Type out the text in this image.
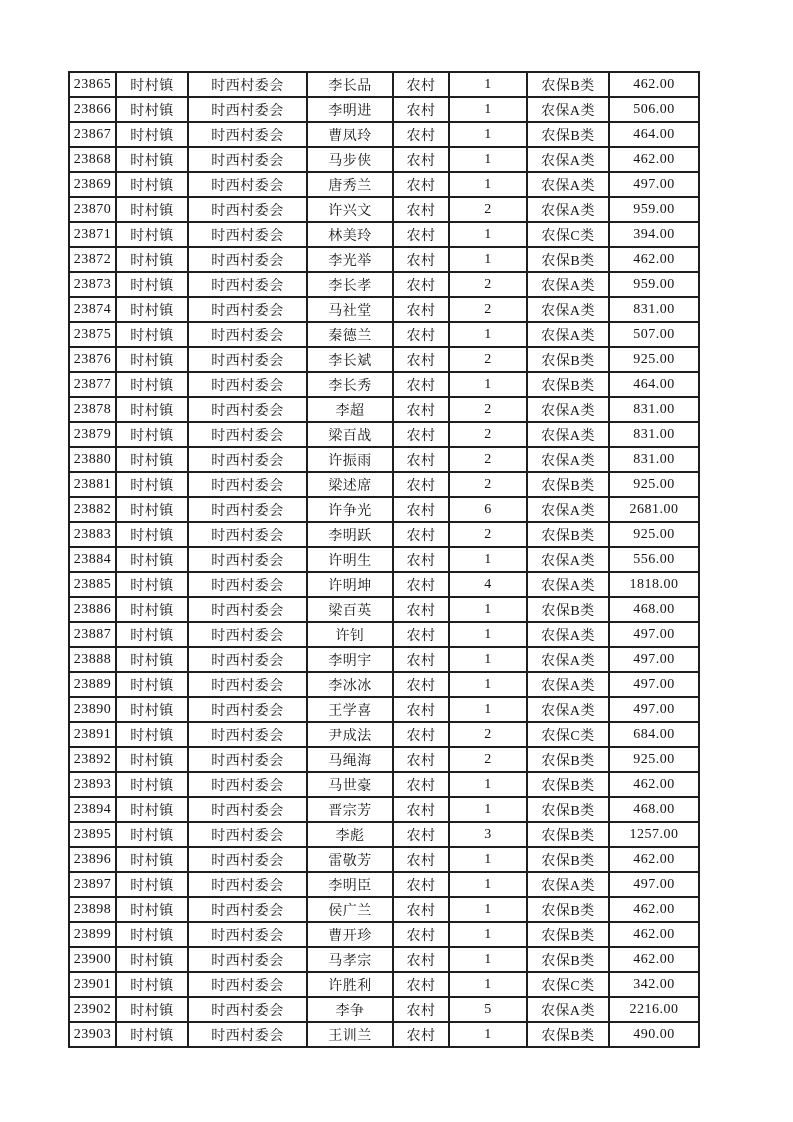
23865	时村镇	时西村委会	李长品	农村	1	农保B类	462.00
23866	时村镇	时西村委会	李明进	农村	1	农保A类	506.00
23867	时村镇	时西村委会	曹凤玲	农村	1	农保B类	464.00
23868	时村镇	时西村委会	马步侠	农村	1	农保A类	462.00
23869	时村镇	时西村委会	唐秀兰	农村	1	农保A类	497.00
23870	时村镇	时西村委会	许兴文	农村	2	农保A类	959.00
23871	时村镇	时西村委会	林美玲	农村	1	农保C类	394.00
23872	时村镇	时西村委会	李光举	农村	1	农保B类	462.00
23873	时村镇	时西村委会	李长孝	农村	2	农保A类	959.00
23874	时村镇	时西村委会	马社堂	农村	2	农保A类	831.00
23875	时村镇	时西村委会	秦德兰	农村	1	农保A类	507.00
23876	时村镇	时西村委会	李长斌	农村	2	农保B类	925.00
23877	时村镇	时西村委会	李长秀	农村	1	农保B类	464.00
23878	时村镇	时西村委会	李超	农村	2	农保A类	831.00
23879	时村镇	时西村委会	梁百战	农村	2	农保A类	831.00
23880	时村镇	时西村委会	许振雨	农村	2	农保A类	831.00
23881	时村镇	时西村委会	梁述席	农村	2	农保B类	925.00
23882	时村镇	时西村委会	许争光	农村	6	农保A类	2681.00
23883	时村镇	时西村委会	李明跃	农村	2	农保B类	925.00
23884	时村镇	时西村委会	许明生	农村	1	农保A类	556.00
23885	时村镇	时西村委会	许明坤	农村	4	农保A类	1818.00
23886	时村镇	时西村委会	梁百英	农村	1	农保B类	468.00
23887	时村镇	时西村委会	许钊	农村	1	农保A类	497.00
23888	时村镇	时西村委会	李明宇	农村	1	农保A类	497.00
23889	时村镇	时西村委会	李冰冰	农村	1	农保A类	497.00
23890	时村镇	时西村委会	王学喜	农村	1	农保A类	497.00
23891	时村镇	时西村委会	尹成法	农村	2	农保C类	684.00
23892	时村镇	时西村委会	马绳海	农村	2	农保B类	925.00
23893	时村镇	时西村委会	马世豪	农村	1	农保B类	462.00
23894	时村镇	时西村委会	晋宗芳	农村	1	农保B类	468.00
23895	时村镇	时西村委会	李彪	农村	3	农保B类	1257.00
23896	时村镇	时西村委会	雷敬芳	农村	1	农保B类	462.00
23897	时村镇	时西村委会	李明臣	农村	1	农保A类	497.00
23898	时村镇	时西村委会	侯广兰	农村	1	农保B类	462.00
23899	时村镇	时西村委会	曹开珍	农村	1	农保B类	462.00
23900	时村镇	时西村委会	马孝宗	农村	1	农保B类	462.00
23901	时村镇	时西村委会	许胜利	农村	1	农保C类	342.00
23902	时村镇	时西村委会	李争	农村	5	农保A类	2216.00
23903	时村镇	时西村委会	王训兰	农村	1	农保B类	490.00
